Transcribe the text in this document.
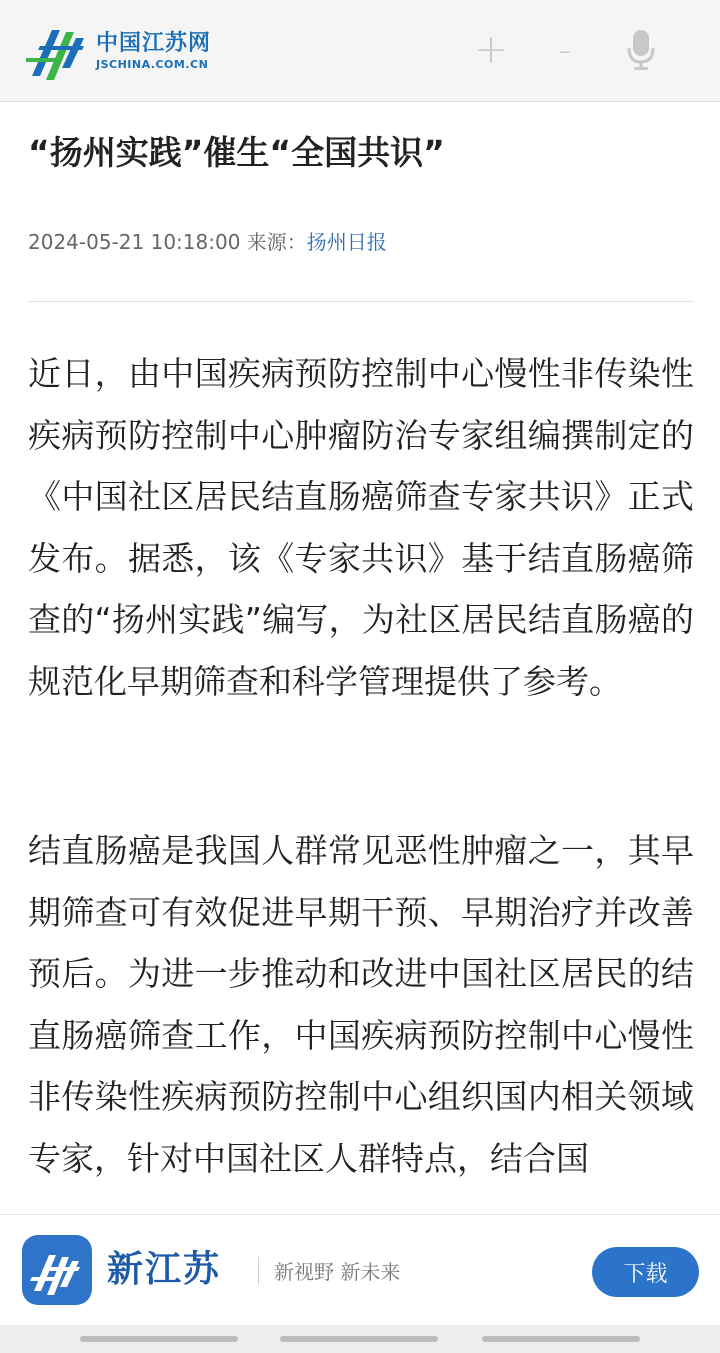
中国江苏网
JSCHINA.COM.CN	+	-
“扬州实践”催生“全国共识”
2024-05-21 10:18:00 来源：扬州日报

近日，由中国疾病预防控制中心慢性非传染性疾病预防控制中心肿瘤防治专家组编撰制定的《中国社区居民结直肠癌筛查专家共识》正式发布。据悉，该《专家共识》基于结直肠癌筛查的“扬州实践”编写，为社区居民结直肠癌的规范化早期筛查和科学管理提供了参考。

结直肠癌是我国人群常见恶性肿瘤之一，其早期筛查可有效促进早期干预、早期治疗并改善预后。为进一步推动和改进中国社区居民的结直肠癌筛查工作，中国疾病预防控制中心慢性非传染性疾病预防控制中心组织国内相关领域专家，针对中国社区人群特点，结合国

新江苏	新视野 新未来	下载
